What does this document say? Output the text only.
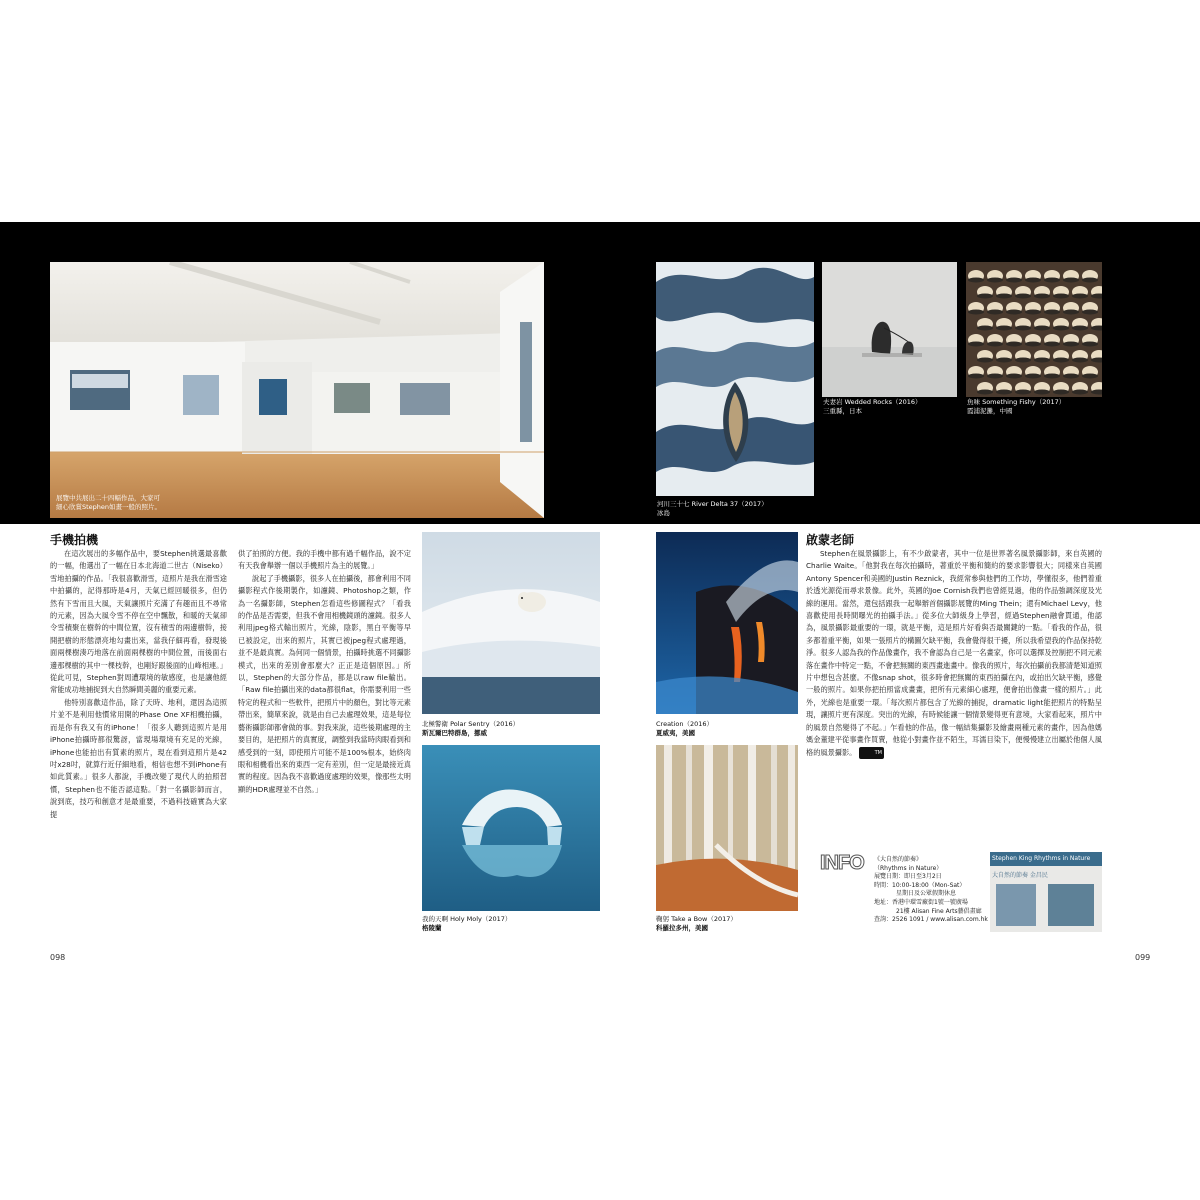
展覽中共展出二十四幅作品，大家可
細心欣賞Stephen如畫一般的照片。	河川三十七 River Delta 37（2017）
冰島
夫妻岩 Wedded Rocks（2016）
三重縣，日本
魚味 Something Fishy（2017）
霞浦泥灘，中國
手機拍機

在這次展出的多幅作品中，要Stephen挑選最喜歡的一幅，他選出了一幅在日本北海道二世古（Niseko）雪地拍攝的作品。「我很喜歡滑雪，這照片是我在滑雪途中拍攝的，記得那時是4月，天氣已經回暖很多，但仍然有下雪而且大風，天氣讓照片充滿了有趣而且不尋常的元素，因為大風令雪不停在空中飄散，和暖的天氣卻令雪積聚在樹幹的中間位置，沒有積雪的兩邊樹幹，接開把樹的形態漂亮地勾畫出來，當我仔細再看，發現後面兩棵樹湊巧地落在前面兩棵樹的中間位置，而後面右邊那棵樹的其中一棵枝幹，也剛好跟後面的山峰相連。」從此可見，Stephen對周遭環境的敏感度，也是讓他經常能成功地捕捉到大自然瞬間美麗的重要元素。

他特別喜歡這作品，除了天時、地利，還因為這照片並不是利用他慣常用開的Phase One XF相機拍攝，而是你有我又有的iPhone！「很多人聽到這照片是用iPhone拍攝時都很驚訝，當現場環境有充足的光線，iPhone也能拍出有質素的照片，現在看到這照片是42吋x28吋，就算行近仔細地看，相信也想不到iPhone有如此質素。」很多人都說，手機改變了現代人的拍照習慣，Stephen也不能否認這點。「對一名攝影師而言，說到底，技巧和創意才是最重要，不過科技確實為大家提

供了拍照的方便。我的手機中都有過千幅作品，說不定有天我會舉辦一個以手機照片為主的展覽。」

說起了手機攝影，很多人在拍攝後，都會利用不同攝影程式作後期製作，如濾鏡、Photoshop之類，作為一名攝影師，Stephen怎看這些修圖程式？「看我的作品是否需要，但我不會用相機鏡頭的濾鏡。很多人利用jpeg格式輸出照片，光線，陰影，黑白平衡等早已被設定，出來的照片，其實已被jpeg程式處理過，並不是最真實。為何同一個情景，拍攝時挑選不同攝影模式，出來的差別會那麼大？正正是這個原因。」所以，Stephen的大部分作品，都是以raw file輸出。「Raw file拍攝出來的data都很flat，你需要利用一些特定的程式和一些軟件，把照片中的顏色，對比等元素帶出來，簡單來說，就是由自己去處理效果，這是每位藝術攝影師都會做的事。對我來說，這些後期處理的主要目的，是把照片的真實度，調整到我當時肉眼看到和感受到的一刻，即使照片可能不是100%根本，始終肉眼和相機看出來的東西一定有差別，但一定是最接近真實的程度。因為我不喜歡過度處理的效果，像那些太明顯的HDR處理並不自然。」

北極警衛 Polar Sentry（2016）
斯瓦爾巴特群島，挪威
我的天啊 Holy Moly（2017）
格陵蘭
Creation（2016）
夏威夷，美國
鞠躬 Take a Bow（2017）
科羅拉多州，美國
啟蒙老師

Stephen在風景攝影上，有不少啟蒙者，其中一位是世界著名風景攝影師，來自英國的Charlie Waite。「他對我在每次拍攝時，著重於平衡和簡約的要求影響很大；同樣來自英國Antony Spencer和美國的Justin Reznick，我經常參與他們的工作坊，學懂很多，他們着重於透光源從而尋求景像。此外，英國的Joe Cornish我們也曾經見過，他的作品強調深度及光線的運用。當然，還包括跟我一起舉辦首個攝影展覽的Ming Thein；還有Michael Levy，他喜歡使用長時間曝光的拍攝手法。」從多位大師級身上學習，經過Stephen融會貫通，他認為，風景攝影最重要的一環，就是平衡，這是照片好看與否最關鍵的一點。「看我的作品，很多都着重平衡，如果一張照片的構圖欠缺平衡，我會覺得很干擾，所以我希望我的作品保持乾淨。很多人認為我的作品像畫作，我不會認為自己是一名畫家，你可以選擇及控制把不同元素落在畫作中特定一點，不會把無關的東西畫進畫中。像我的照片，每次拍攝前我都清楚知道照片中想包含甚麼。不像snap shot，很多時會把無關的東西拍攝在內，或拍出欠缺平衡，感覺一般的照片。如果你把拍照當成畫畫，把所有元素細心處理，便會拍出像畫一樣的照片。」此外，光線也是重要一環。「每次照片都包含了光線的捕捉，dramatic light能把照片的特點呈現，讓照片更有深度。突出的光線，有時候能讓一個情景變得更有意境，大家看起來，照片中的風景自然變得了不起。」乍看他的作品，像一幅結集攝影及繪畫兩種元素的畫作，因為他媽媽金董建平從事畫作買賣，他從小對畫作並不陌生，耳濡目染下，便慢慢建立出屬於他個人風格的風景攝影。	TM

INFO 《大自然的節奏》
（Rhythms in Nature）
展覽日期：即日至3月2日
時間：10:00-18:00（Mon-Sat）
星期日及公眾假期休息
地址：香港中環雪廠街1號一號廣場
21樓 Alisan Fine Arts藝倡畫廊
查詢：2526 1091 / www.alisan.com.hk
Stephen King Rhythms in Nature
大自然的節奏 金昌民
098	099
